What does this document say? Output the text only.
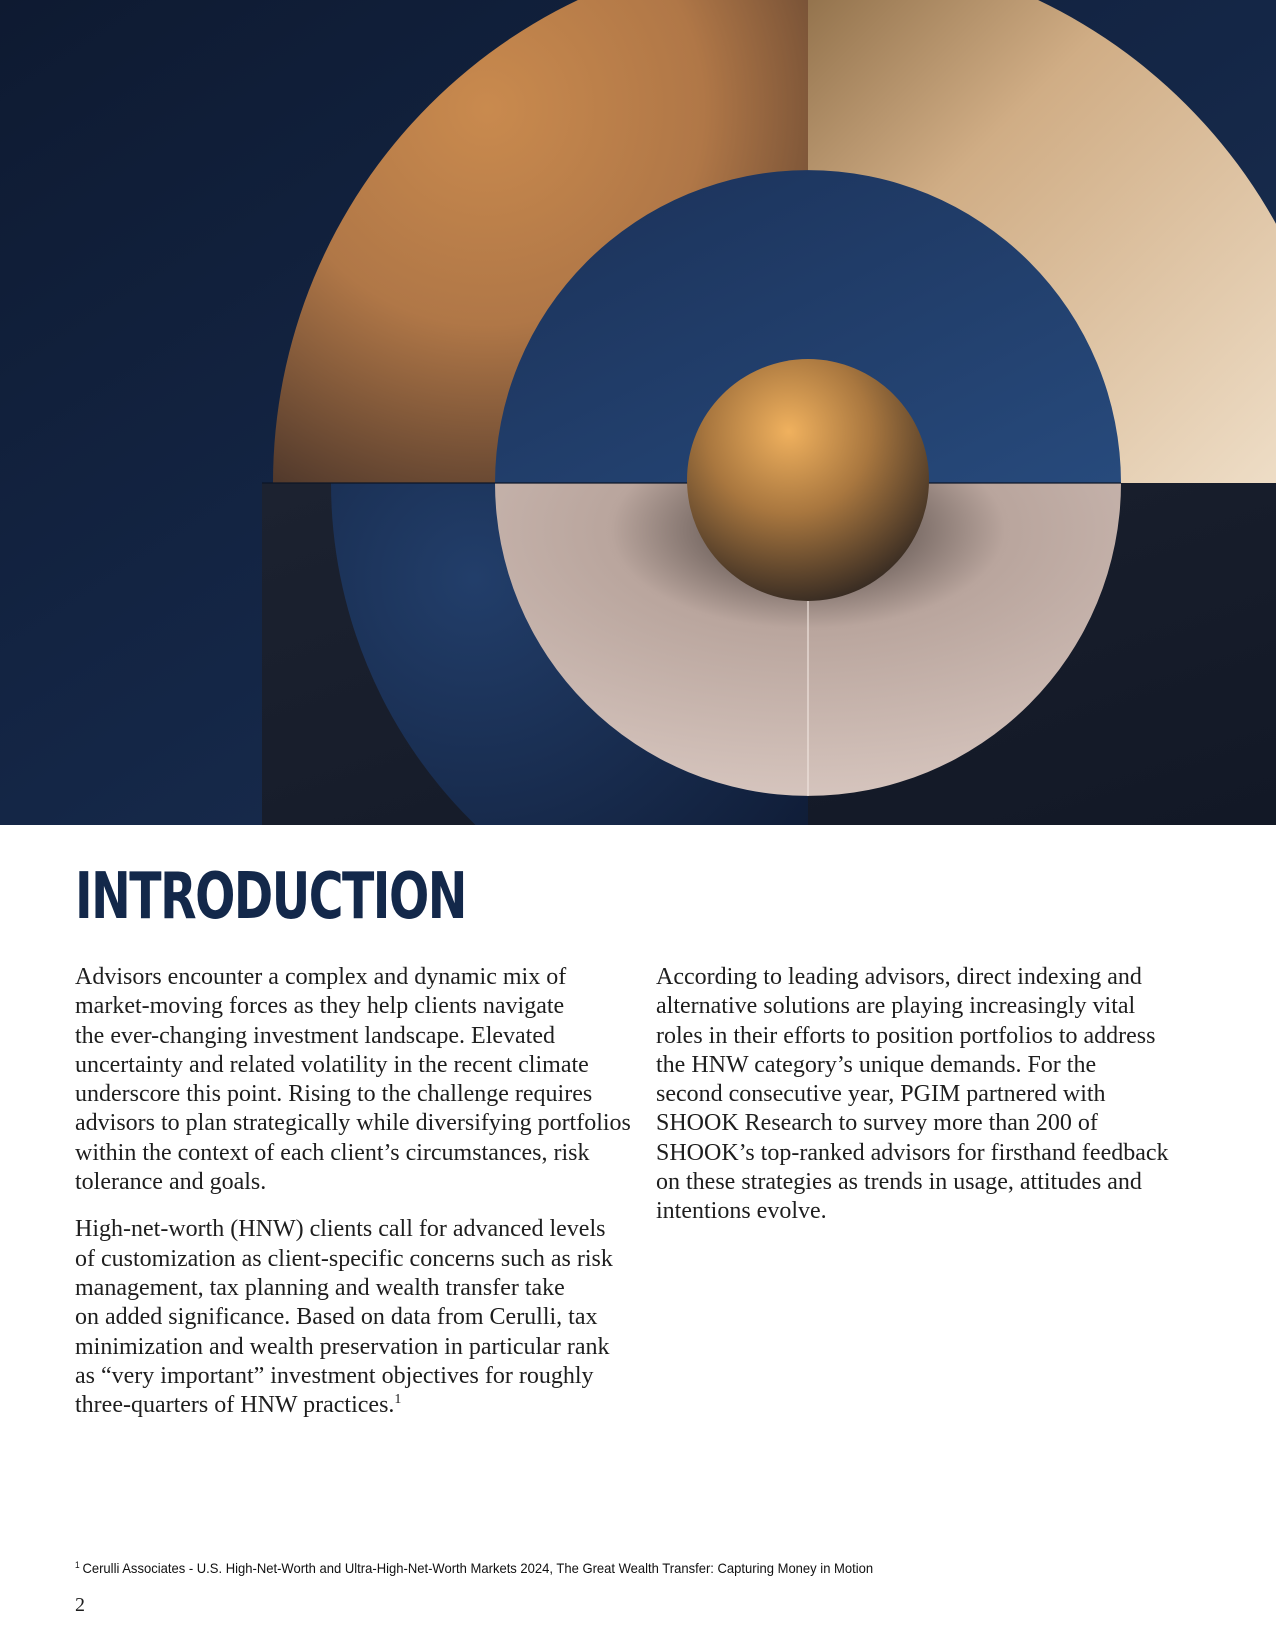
INTRODUCTION

Advisors encounter a complex and dynamic mix of
market-moving forces as they help clients navigate
the ever-changing investment landscape. Elevated
uncertainty and related volatility in the recent climate
underscore this point. Rising to the challenge requires
advisors to plan strategically while diversifying portfolios
within the context of each client’s circumstances, risk
tolerance and goals.

High-net-worth (HNW) clients call for advanced levels
of customization as client-specific concerns such as risk
management, tax planning and wealth transfer take
on added significance. Based on data from Cerulli, tax
minimization and wealth preservation in particular rank
as “very important” investment objectives for roughly
three-quarters of HNW practices.$^1$

According to leading advisors, direct indexing and
alternative solutions are playing increasingly vital
roles in their efforts to position portfolios to address
the HNW category’s unique demands. For the
second consecutive year, PGIM partnered with
SHOOK Research to survey more than 200 of
SHOOK’s top-ranked advisors for firsthand feedback
on these strategies as trends in usage, attitudes and
intentions evolve.

$^1$ Cerulli Associates - U.S. High-Net-Worth and Ultra-High-Net-Worth Markets 2024, The Great Wealth Transfer: Capturing Money in Motion
2
